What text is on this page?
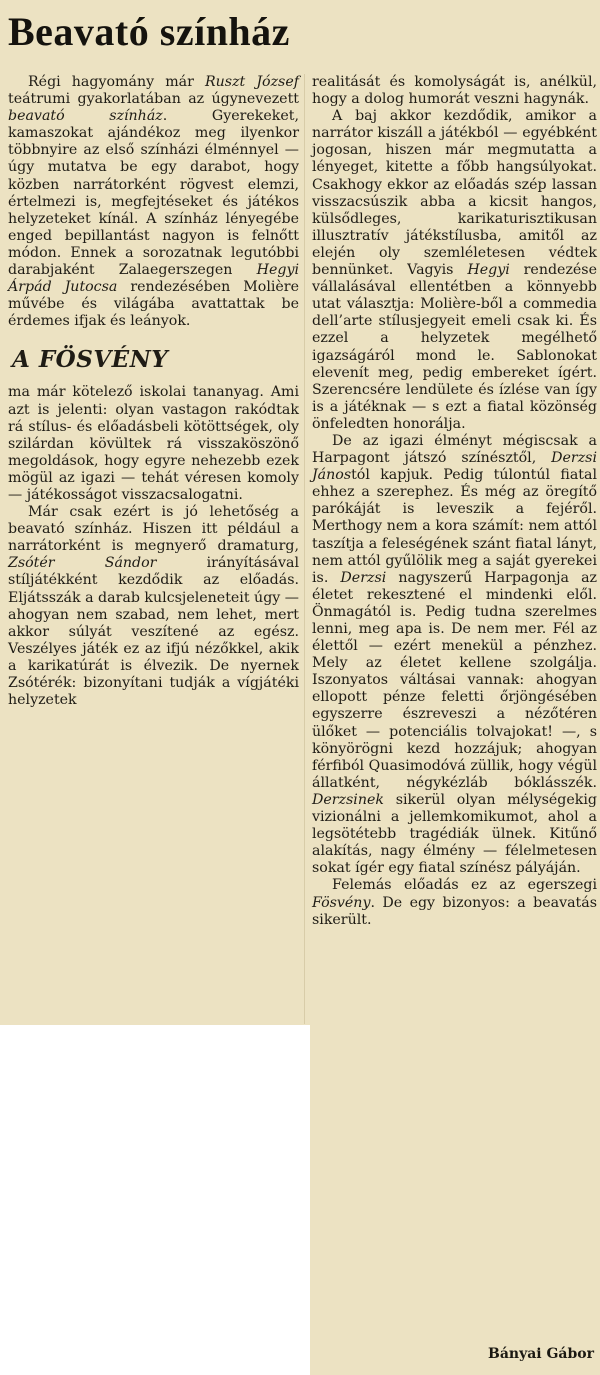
Beavató színház

Régi hagyomány már Ruszt József teátrumi gyakorlatában az úgynevezett beavató színház. Gyerekeket, kamaszokat ajándékoz meg ilyenkor többnyire az első színházi élménnyel — úgy mutatva be egy darabot, hogy közben narrátorként rögvest elemzi, értelmezi is, megfejtéseket és játékos helyzeteket kínál. A színház lényegébe enged bepillantást nagyon is felnőtt módon. Ennek a sorozatnak legutóbbi darabjaként Zalaegerszegen Hegyi Árpád Jutocsa rendezésében Molière művébe és világába avattattak be érdemes ifjak és leányok.

A FÖSVÉNY

ma már kötelező iskolai tananyag. Ami azt is jelenti: olyan vastagon rakódtak rá stílus- és előadásbeli kötöttségek, oly szilárdan kövültek rá visszaköszönő megoldások, hogy egyre nehezebb ezek mögül az igazi — tehát véresen komoly — játékosságot visszacsalogatni.

Már csak ezért is jó lehetőség a beavató színház. Hiszen itt például a narrátorként is megnyerő dramaturg, Zsótér Sándor irányításával stíljátékként kezdődik az előadás. Eljátsszák a darab kulcsjeleneteit úgy — ahogyan nem szabad, nem lehet, mert akkor súlyát veszítené az egész. Veszélyes játék ez az ifjú nézőkkel, akik a karikatúrát is élvezik. De nyernek Zsótérék: bizonyítani tudják a vígjátéki helyzetek

realitását és komolyságát is, anélkül, hogy a dolog humorát veszni hagynák.

A baj akkor kezdődik, amikor a narrátor kiszáll a játékból — egyébként jogosan, hiszen már megmutatta a lényeget, kitette a főbb hangsúlyokat. Csakhogy ekkor az előadás szép lassan visszacsúszik abba a kicsit hangos, külsődleges, karikaturisztikusan illusztratív játékstílusba, amitől az elején oly szemléletesen védtek bennünket. Vagyis Hegyi rendezése vállalásával ellentétben a könnyebb utat választja: Molière-ből a commedia dell’arte stílusjegyeit emeli csak ki. És ezzel a helyzetek megélhető igazságáról mond le. Sablonokat elevenít meg, pedig embereket ígért. Szerencsére lendülete és ízlése van így is a játéknak — s ezt a fiatal közönség önfeledten honorálja.

De az igazi élményt mégiscsak a Harpagont játszó színésztől, Derzsi Jánostól kapjuk. Pedig túlontúl fiatal ehhez a szerephez. És még az öregítő parókáját is leveszik a fejéről. Merthogy nem a kora számít: nem attól taszítja a feleségének szánt fiatal lányt, nem attól gyűlölik meg a saját gyerekei is. Derzsi nagyszerű Harpagonja az életet rekesztené el mindenki elől. Önmagától is. Pedig tudna szerelmes lenni, meg apa is. De nem mer. Fél az élettől — ezért menekül a pénzhez. Mely az életet kellene szolgálja. Iszonyatos váltásai vannak: ahogyan ellopott pénze feletti őrjöngésében egyszerre észreveszi a nézőtéren ülőket — potenciális tolvajokat! —, s könyörögni kezd hozzájuk; ahogyan férfiból Quasimodóvá züllik, hogy végül állatként, négykézláb bóklásszék. Derzsinek sikerül olyan mélységekig vizionálni a jellemkomikumot, ahol a legsötétebb tragédiák ülnek. Kitűnő alakítás, nagy élmény — félelmetesen sokat ígér egy fiatal színész pályáján.

Felemás előadás ez az egerszegi Fösvény. De egy bizonyos: a beavatás sikerült.

Bányai Gábor
